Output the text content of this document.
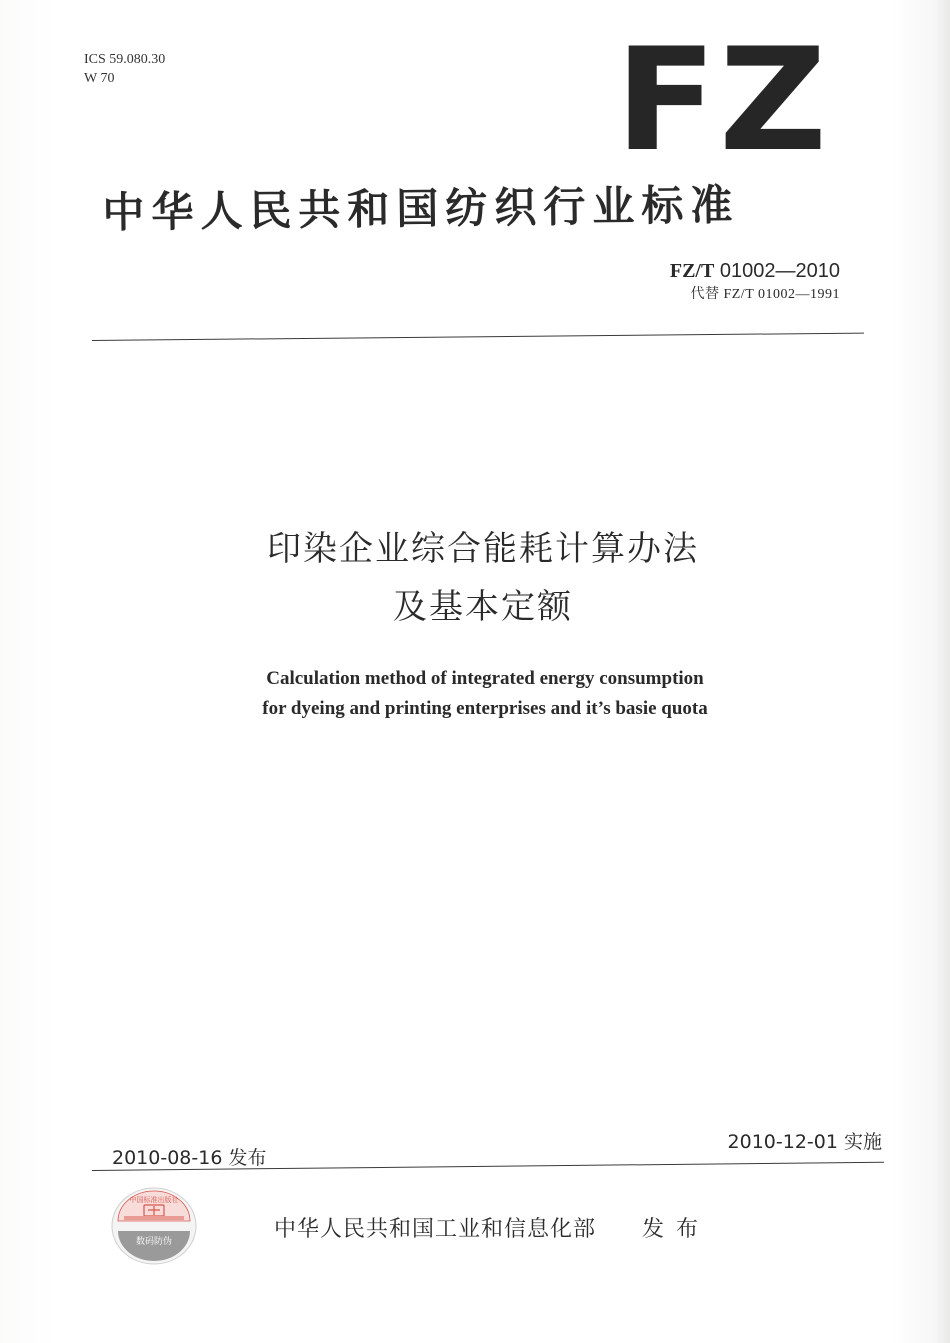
ICS 59.080.30
W 70	FZ
中华人民共和国纺织行业标准
FZ/T 01002—2010
代替 FZ/T 01002—1991
印染企业综合能耗计算办法
及基本定额
Calculation method of integrated energy consumption
for dyeing and printing enterprises and it’s basie quota
2010-08-16 发布
2010-12-01 实施
中国标准出版社
数码防伪	中华人民共和国工业和信息化部 发布
